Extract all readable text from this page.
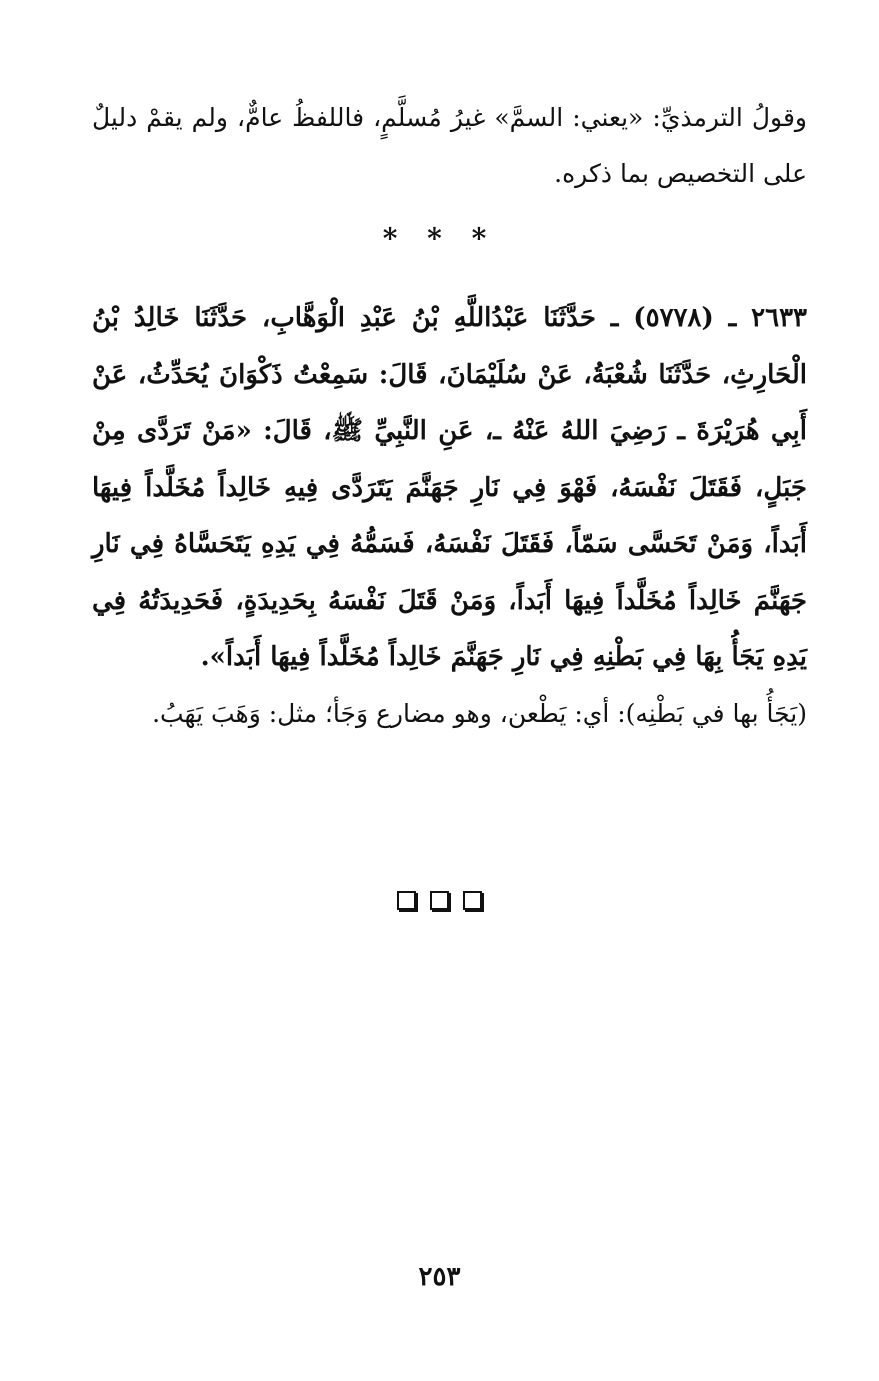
وقولُ الترمذيِّ: «يعني: السمَّ» غيرُ مُسلَّمٍ، فاللفظُ عامٌّ، ولم يقمْ دليلٌ على التخصيص بما ذكره.

* * *

٢٦٣٣ ـ (٥٧٧٨) ـ حَدَّثَنَا عَبْدُاللَّهِ بْنُ عَبْدِ الْوَهَّابِ، حَدَّثَنَا خَالِدُ بْنُ الْحَارِثِ، حَدَّثَنَا شُعْبَةُ، عَنْ سُلَيْمَانَ، قَالَ: سَمِعْتُ ذَكْوَانَ يُحَدِّثُ، عَنْ أَبِي هُرَيْرَةَ ـ رَضِيَ اللهُ عَنْهُ ـ، عَنِ النَّبِيِّ ﷺ، قَالَ: «مَنْ تَرَدَّى مِنْ جَبَلٍ، فَقَتَلَ نَفْسَهُ، فَهْوَ فِي نَارِ جَهَنَّمَ يَتَرَدَّى فِيهِ خَالِداً مُخَلَّداً فِيهَا أَبَداً، وَمَنْ تَحَسَّى سَمّاً، فَقَتَلَ نَفْسَهُ، فَسَمُّهُ فِي يَدِهِ يَتَحَسَّاهُ فِي نَارِ جَهَنَّمَ خَالِداً مُخَلَّداً فِيهَا أَبَداً، وَمَنْ قَتَلَ نَفْسَهُ بِحَدِيدَةٍ، فَحَدِيدَتُهُ فِي يَدِهِ يَجَأُ بِهَا فِي بَطْنِهِ فِي نَارِ جَهَنَّمَ خَالِداً مُخَلَّداً فِيهَا أَبَداً».

(يَجَأُ بها في بَطْنِه): أي: يَطْعن، وهو مضارع وَجَأ؛ مثل: وَهَبَ يَهَبُ.

٢٥٣
